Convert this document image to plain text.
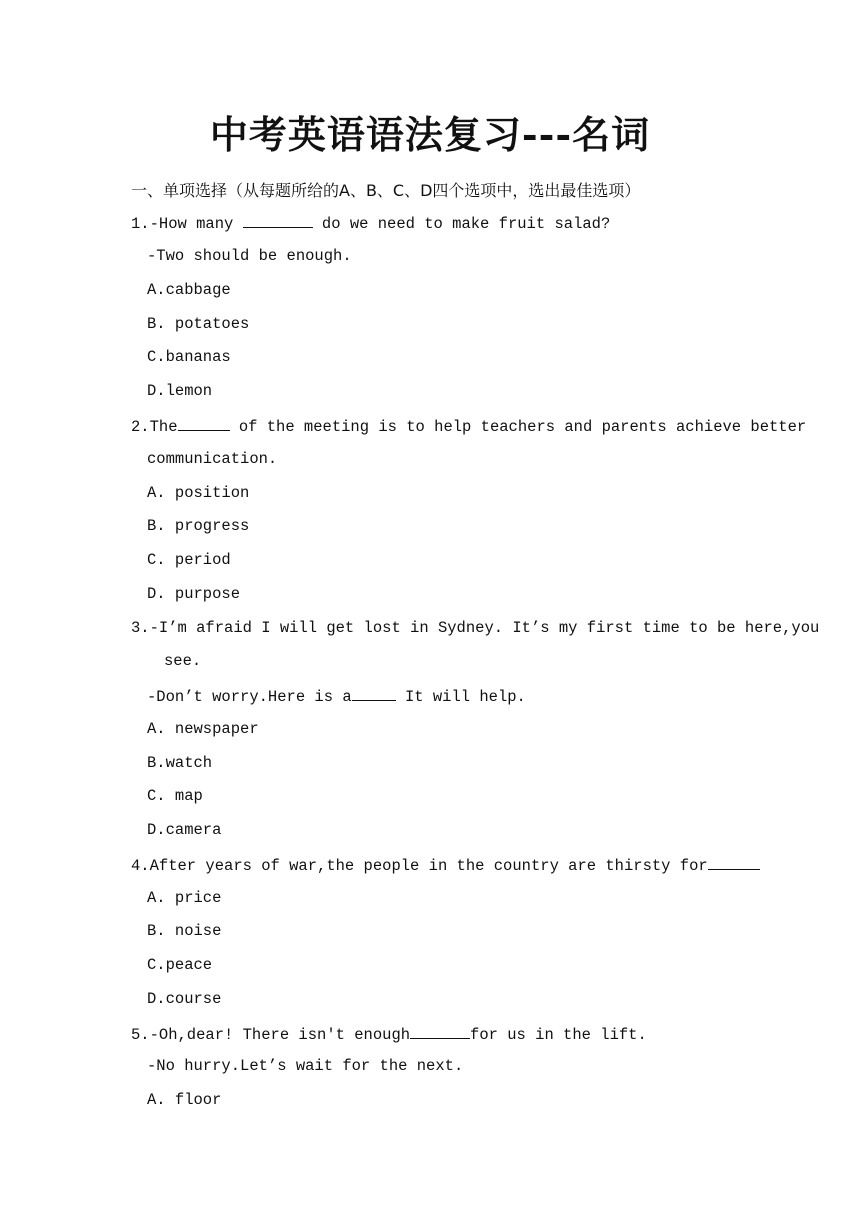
中考英语语法复习---名词
一、单项选择（从每题所给的A、B、C、D四个选项中，选出最佳选项）
1.-How many	do we need to make fruit salad?
-Two should be enough.
A.cabbage
B. potatoes
C.bananas
D.lemon
2.The	of the meeting is to help teachers and parents achieve better
communication.
A. position
B. progress
C. period
D. purpose
3.-I’m afraid I will get lost in Sydney. It’s my first time to be here,you
see.
-Don’t worry.Here is a	It will help.
A. newspaper
B.watch
C. map
D.camera
4.After years of war,the people in the country are thirsty for
A. price
B. noise
C.peace
D.course
5.-Oh,dear! There isn't enough	for us in the lift.
-No hurry.Let’s wait for the next.
A. floor
